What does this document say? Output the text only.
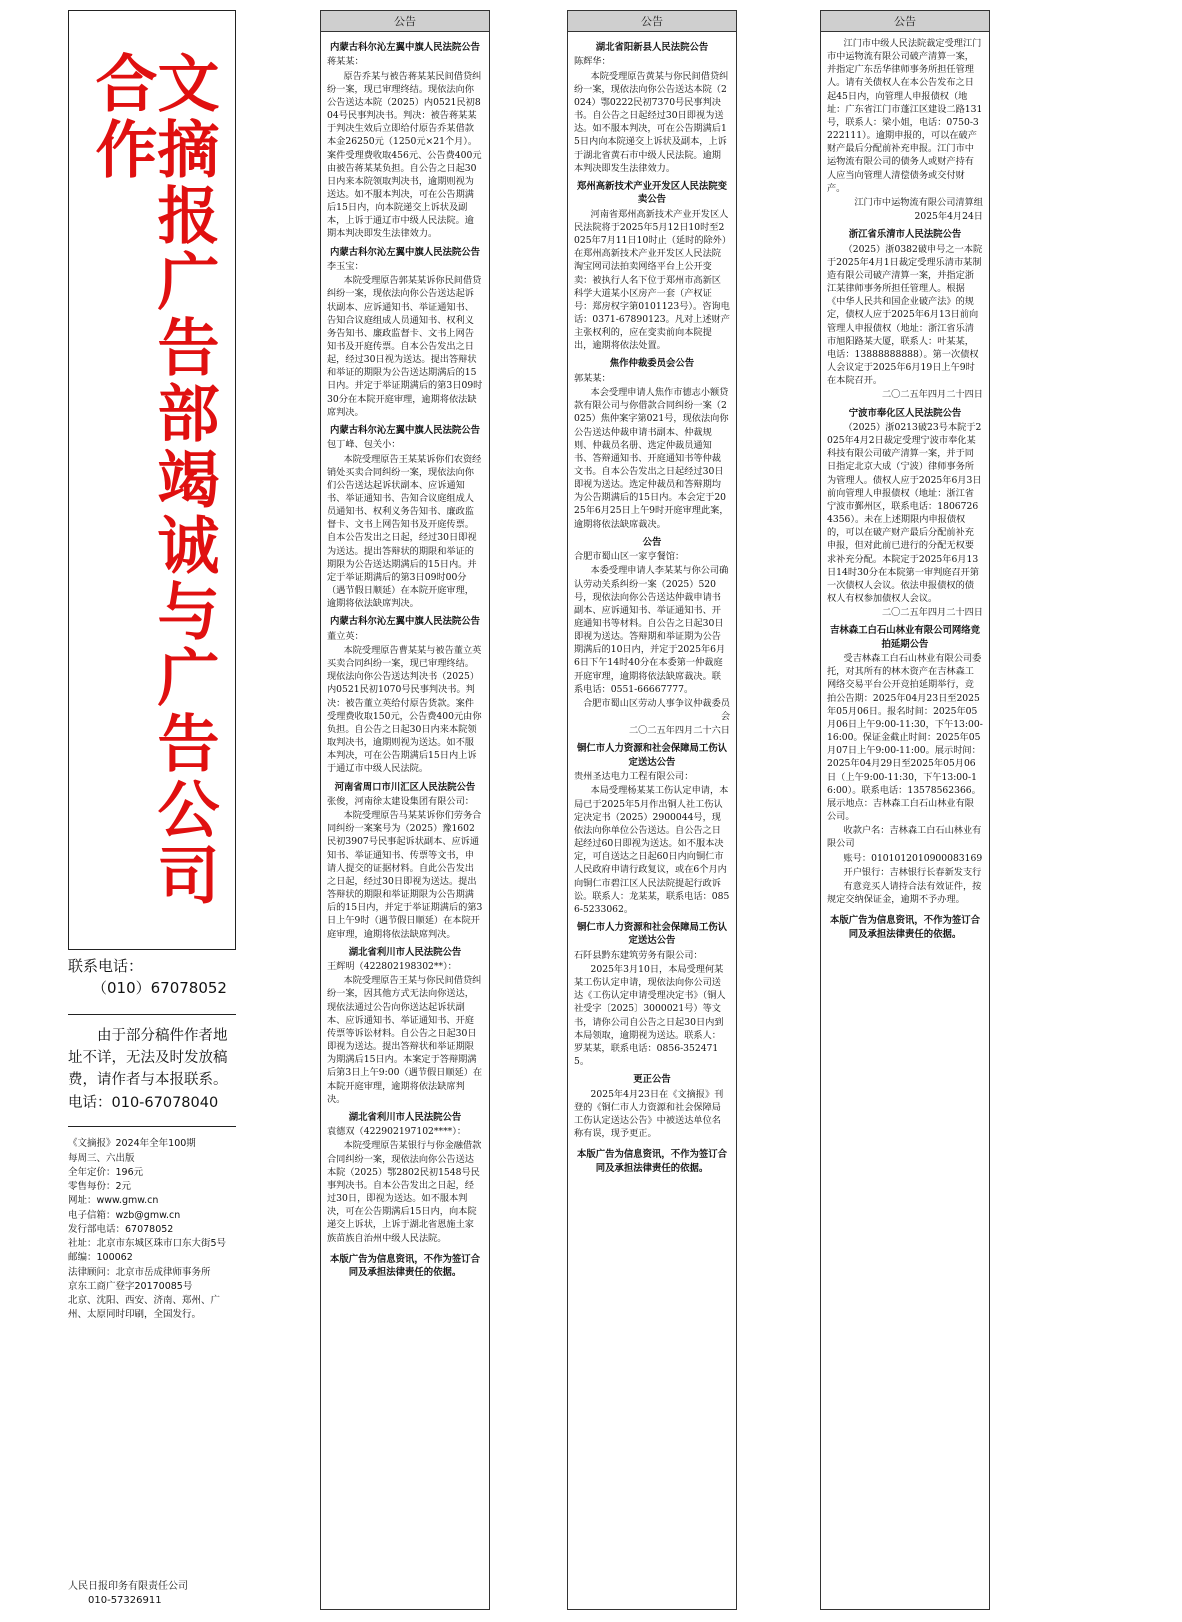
文摘报广告部竭诚与广告公司合作
联系电话：
（010）67078052
由于部分稿件作者地址不详，无法及时发放稿费，请作者与本报联系。
电话：010-67078040
《文摘报》2024年全年100期
每周三、六出版
全年定价：196元
零售每份：2元
网址：www.gmw.cn
电子信箱：wzb@gmw.cn
发行部电话：67078052
社址：北京市东城区珠市口东大街5号
邮编：100062
法律顾问：北京市岳成律师事务所
京东工商广登字20170085号
北京、沈阳、西安、济南、郑州、广州、太原同时印刷，全国发行。
人民日报印务有限责任公司
010-57326911
公告
内蒙古科尔沁左翼中旗人民法院公告
蒋某某：
原告乔某与被告蒋某某民间借贷纠纷一案，现已审理终结。现依法向你公告送达本院（2025）内0521民初804号民事判决书。判决：被告蒋某某于判决生效后立即给付原告乔某借款本金26250元（1250元×21个月）。案件受理费收取456元、公告费400元由被告蒋某某负担。自公告之日起30日内来本院领取判决书，逾期则视为送达。如不服本判决，可在公告期满后15日内，向本院递交上诉状及副本，上诉于通辽市中级人民法院。逾期本判决即发生法律效力。
内蒙古科尔沁左翼中旗人民法院公告
李玉宝：
本院受理原告郭某某诉你民间借贷纠纷一案，现依法向你公告送达起诉状副本、应诉通知书、举证通知书、告知合议庭组成人员通知书、权利义务告知书、廉政监督卡、文书上网告知书及开庭传票。自本公告发出之日起，经过30日视为送达。提出答辩状和举证的期限为公告送达期满后的15日内。并定于举证期满后的第3日09时30分在本院开庭审理，逾期将依法缺席判决。
内蒙古科尔沁左翼中旗人民法院公告
包丁峰、包关小：
本院受理原告王某某诉你们农资经销处买卖合同纠纷一案，现依法向你们公告送达起诉状副本、应诉通知书、举证通知书、告知合议庭组成人员通知书、权利义务告知书、廉政监督卡、文书上网告知书及开庭传票。自本公告发出之日起，经过30日即视为送达。提出答辩状的期限和举证的期限为公告送达期满后的15日内。并定于举证期满后的第3日09时00分（遇节假日顺延）在本院开庭审理，逾期将依法缺席判决。
内蒙古科尔沁左翼中旗人民法院公告
董立英：
本院受理原告曹某某与被告董立英买卖合同纠纷一案，现已审理终结。现依法向你公告送达判决书（2025）内0521民初1070号民事判决书。判决：被告董立英给付原告货款。案件受理费收取150元，公告费400元由你负担。自公告之日起30日内来本院领取判决书，逾期则视为送达。如不服本判决，可在公告期满后15日内上诉于通辽市中级人民法院。
河南省周口市川汇区人民法院公告
张俊，河南徐太建设集团有限公司：
本院受理原告马某某诉你们劳务合同纠纷一案案号为（2025）豫1602民初3907号民事起诉状副本、应诉通知书、举证通知书、传票等文书，申请人提交的证据材料。自此公告发出之日起，经过30日即视为送达。提出答辩状的期限和举证期限为公告期满后的15日内，并定于举证期满后的第3日上午9时（遇节假日顺延）在本院开庭审理，逾期将依法缺席判决。
湖北省利川市人民法院公告
王辉明（422802198302**）：
本院受理原告王某与你民间借贷纠纷一案，因其他方式无法向你送达，现依法通过公告向你送达起诉状副本、应诉通知书、举证通知书、开庭传票等诉讼材料。自公告之日起30日即视为送达。提出答辩状和举证期限为期满后15日内。本案定于答辩期满后第3日上午9:00（遇节假日顺延）在本院开庭审理，逾期将依法缺席判决。
湖北省利川市人民法院公告
袁德双（422902197102****）：
本院受理原告某银行与你金融借款合同纠纷一案，现依法向你公告送达本院（2025）鄂2802民初1548号民事判决书。自本公告发出之日起，经过30日，即视为送达。如不服本判决，可在公告期满后15日内，向本院递交上诉状，上诉于湖北省恩施土家族苗族自治州中级人民法院。
本版广告为信息资讯，不作为签订合同及承担法律责任的依据。
公告
湖北省阳新县人民法院公告
陈辉华：
本院受理原告黄某与你民间借贷纠纷一案，现依法向你公告送达本院（2024）鄂0222民初7370号民事判决书。自公告之日起经过30日即视为送达。如不服本判决，可在公告期满后15日内向本院递交上诉状及副本，上诉于湖北省黄石市中级人民法院。逾期本判决即发生法律效力。
郑州高新技术产业开发区人民法院变卖公告
河南省郑州高新技术产业开发区人民法院将于2025年5月12日10时至2025年7月11日10时止（延时的除外）在郑州高新技术产业开发区人民法院淘宝网司法拍卖网络平台上公开变卖：被执行人名下位于郑州市高新区科学大道某小区房产一套（产权证号：郑房权字第0101123号）。咨询电话：0371-67890123。凡对上述财产主张权利的，应在变卖前向本院提出，逾期将依法处置。
焦作仲裁委员会公告
郭某某：
本会受理申请人焦作市德志小额贷款有限公司与你借款合同纠纷一案（2025）焦仲案字第021号，现依法向你公告送达仲裁申请书副本、仲裁规则、仲裁员名册、选定仲裁员通知书、答辩通知书、开庭通知书等仲裁文书。自本公告发出之日起经过30日即视为送达。选定仲裁员和答辩期均为公告期满后的15日内。本会定于2025年6月25日上午9时开庭审理此案，逾期将依法缺席裁决。
公告
合肥市蜀山区一家亨餐馆：
本委受理申请人李某某与你公司确认劳动关系纠纷一案（2025）520号，现依法向你公告送达仲裁申请书副本、应诉通知书、举证通知书、开庭通知书等材料。自公告之日起30日即视为送达。答辩期和举证期为公告期满后的10日内，并定于2025年6月6日下午14时40分在本委第一仲裁庭开庭审理，逾期将依法缺席裁决。联系电话：0551-66667777。
合肥市蜀山区劳动人事争议仲裁委员会
二〇二五年四月二十六日
铜仁市人力资源和社会保障局工伤认定送达公告
贵州圣达电力工程有限公司：
本局受理杨某某工伤认定申请，本局已于2025年5月作出铜人社工伤认定决定书（2025）2900044号，现依法向你单位公告送达。自公告之日起经过60日即视为送达。如不服本决定，可自送达之日起60日内向铜仁市人民政府申请行政复议，或在6个月内向铜仁市碧江区人民法院提起行政诉讼。联系人：龙某某，联系电话：0856-5233062。
铜仁市人力资源和社会保障局工伤认定送达公告
石阡县黔东建筑劳务有限公司：
2025年3月10日，本局受理何某某工伤认定申请，现依法向你公司送达《工伤认定申请受理决定书》（铜人社受字〔2025〕3000021号）等文书，请你公司自公告之日起30日内到本局领取，逾期视为送达。联系人：罗某某，联系电话：0856-3524715。
更正公告
2025年4月23日在《文摘报》刊登的《铜仁市人力资源和社会保障局工伤认定送达公告》中被送达单位名称有误，现予更正。
本版广告为信息资讯，不作为签订合同及承担法律责任的依据。
公告
江门市中级人民法院裁定受理江门市中运物流有限公司破产清算一案，并指定广东岳华律师事务所担任管理人。请有关债权人在本公告发布之日起45日内，向管理人申报债权（地址：广东省江门市蓬江区建设二路131号，联系人：梁小姐，电话：0750-3222111）。逾期申报的，可以在破产财产最后分配前补充申报。江门市中运物流有限公司的债务人或财产持有人应当向管理人清偿债务或交付财产。
江门市中运物流有限公司清算组
2025年4月24日
浙江省乐清市人民法院公告
（2025）浙0382破申号之一本院于2025年4月1日裁定受理乐清市某制造有限公司破产清算一案，并指定浙江某律师事务所担任管理人。根据《中华人民共和国企业破产法》的规定，债权人应于2025年6月13日前向管理人申报债权（地址：浙江省乐清市旭阳路某大厦，联系人：叶某某，电话：13888888888）。第一次债权人会议定于2025年6月19日上午9时在本院召开。
二〇二五年四月二十四日
宁波市奉化区人民法院公告
（2025）浙0213破23号本院于2025年4月2日裁定受理宁波市奉化某科技有限公司破产清算一案，并于同日指定北京大成（宁波）律师事务所为管理人。债权人应于2025年6月3日前向管理人申报债权（地址：浙江省宁波市鄞州区，联系电话：18067264356）。未在上述期限内申报债权的，可以在破产财产最后分配前补充申报，但对此前已进行的分配无权要求补充分配。本院定于2025年6月13日14时30分在本院第一审判庭召开第一次债权人会议。依法申报债权的债权人有权参加债权人会议。
二〇二五年四月二十四日
吉林森工白石山林业有限公司网络竞拍延期公告
受吉林森工白石山林业有限公司委托，对其所有的林木资产在吉林森工网络交易平台公开竞拍延期举行，竞拍公告期：2025年04月23日至2025年05月06日。报名时间：2025年05月06日上午9:00-11:30，下午13:00-16:00。保证金截止时间：2025年05月07日上午9:00-11:00。展示时间：2025年04月29日至2025年05月06日（上午9:00-11:30，下午13:00-16:00）。联系电话：13578562366。展示地点：吉林森工白石山林业有限公司。
收款户名：吉林森工白石山林业有限公司
账号：0101012010900083169
开户银行：吉林银行长春新发支行
有意竞买人请持合法有效证件，按规定交纳保证金，逾期不予办理。
本版广告为信息资讯，不作为签订合同及承担法律责任的依据。
